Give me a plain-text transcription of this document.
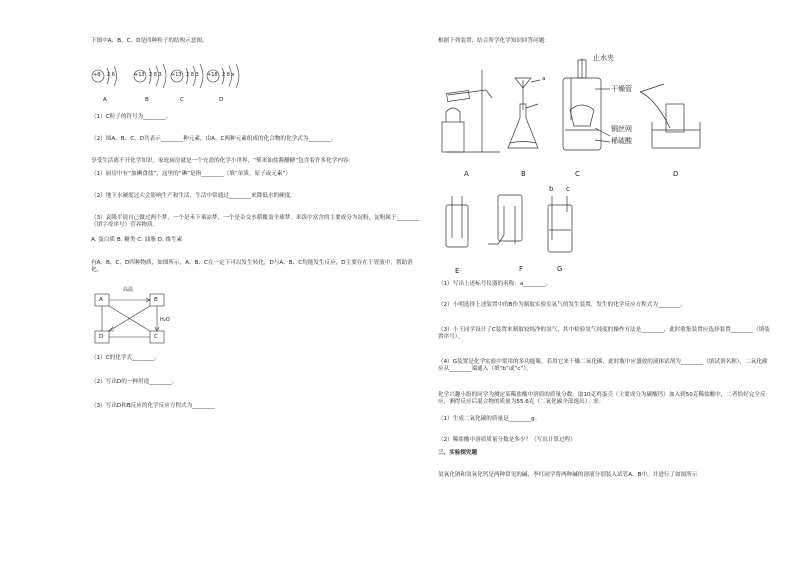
下图中A、B、C、D是四种粒子的结构示意图。
+8 2 6	+13 2 8 3 +13 2 8 3 +18 2 8 x
A	B	C	D
（1）C粒子的符号为________。
（2）图A、B、C、D共表示________种元素，由A、C两种元素组成的化合物的化学式为________。
享受生活离不开化学知识。家庭厨房就是一个充盈的化学小世界，“柴米油盐酱醋糖”包含着许多化学内容：
（1）厨房中有“加碘食盐”，这里的“碘”是指________（填“单质、原子或元素”）
（2）地下水硬度过大会影响生产和生活，生活中常通过________来降低水的硬度。
（3）袁隆平说自己做过两个梦，一个是禾下乘凉梦，一个是杂交水稻覆盖全球梦。米饭中富含的主要成分为淀粉，淀粉属于________（填字母序号）营养物质。
A. 蛋白质 B. 糖类 C. 油脂 D. 维生素
有A、B、C、D四种物质，如图所示，A、B、C在一定下可以发生转化，D与A、B、C均能发生反应，D主要存在于胃液中，帮助消化。
A	B
D	C
高温
H₂O
（1）C的化学式________。
（2）写出D的一种用途________。
（3）写出D和B反应的化学反应方程式为________
根据下列装置，结合所学化学知识回答问题：
a
止水夹
干燥管
铜丝网
稀硫酸
A	B	C	D
b c
E	F	G
（1）写出上述标号仪器的名称：a________。
（2）小明选择上述装置中的B作为制取实验室氧气的发生装置，发生的化学反应方程式为________。
（3）小王同学设计了C装置来制取较纯净的氢气，其中检验氢气纯度的操作方法是________，此时收集装置应选择装置________（填装置序号）。
（4）G装置是化学实验中常用的多功能瓶，若用它来干燥二氧化碳，此时瓶中应盛放的液体试剂为________（填试剂名称），二氧化碳应从________端通入（填“b”或“c”）。
化学兴趣小组的同学为测定某稀盐酸中溶质的质量分数，取10克鸡蛋壳（主要成分为碳酸钙）加入到50克稀盐酸中，二者恰好完全反应，测得反应后混合物的质量为55.6克（二氧化碳全部逸出）。求：
（1）生成二氧化碳的质量是________g。
（2）稀盐酸中溶质质量分数是多少？（写出计算过程）
三、实验探究题
氢氧化钠和氢氧化钙是两种常见的碱，李红同学将两种碱的溶液分别装入试管A、B中，并进行了如图所示
